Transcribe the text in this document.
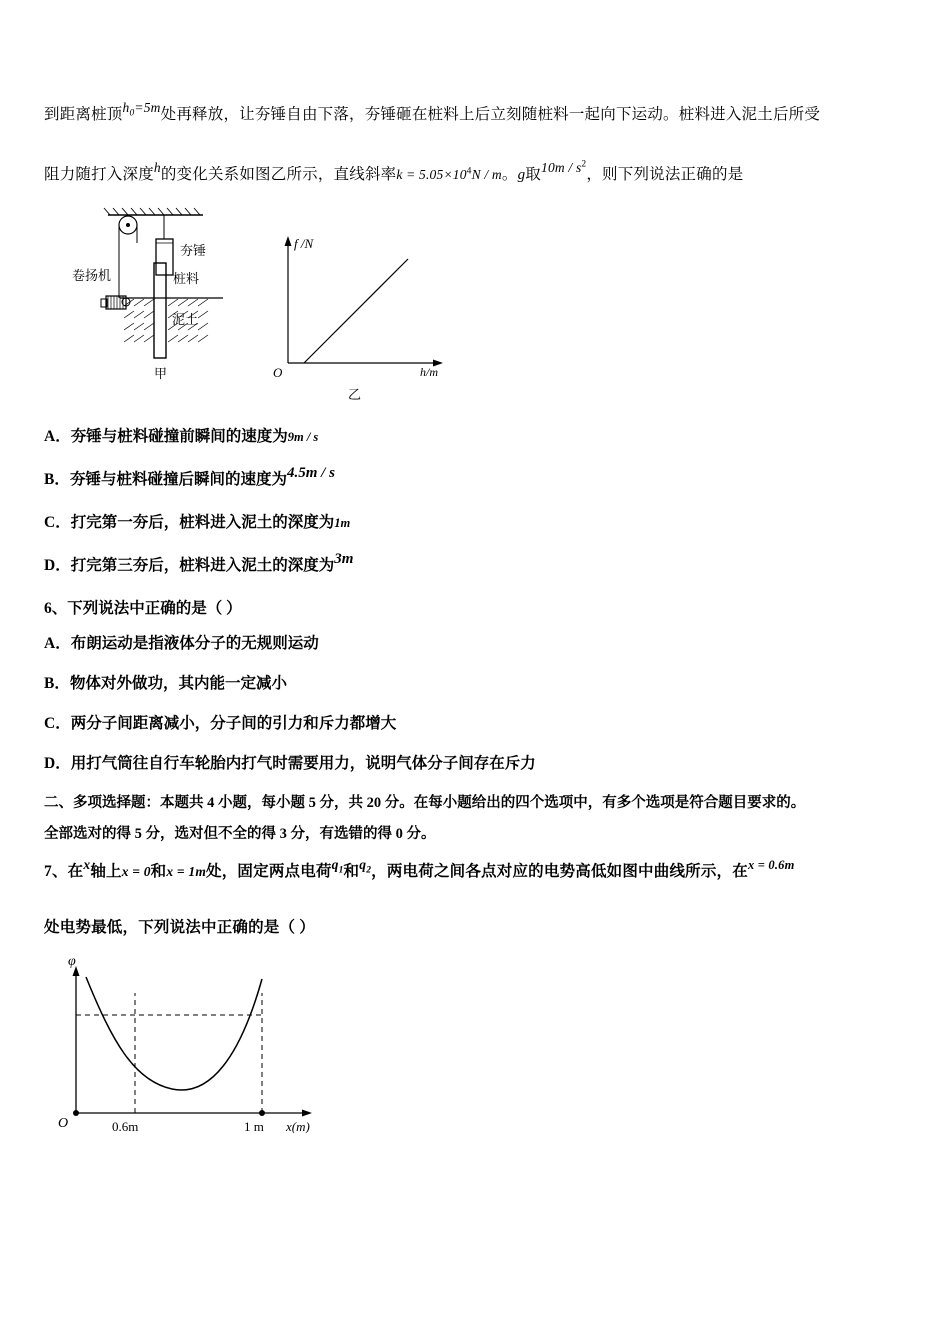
到距离桩顶$h_0=5m$处再释放，让夯锤自由下落，夯锤砸在桩料上后立刻随桩料一起向下运动。桩料进入泥土后所受

阻力随打入深度h的变化关系如图乙所示，直线斜率$k = 5.05\times 10^4N / m$。g取$10m / s^2$，则下列说法正确的是

夯锤
卷扬机	桩料
泥土
甲
f /N
O	h/m
乙

A．夯锤与桩料碰撞前瞬间的速度为9m / s

B．夯锤与桩料碰撞后瞬间的速度为4.5m / s

C．打完第一夯后，桩料进入泥土的深度为1m

D．打完第三夯后，桩料进入泥土的深度为3m

6、下列说法中正确的是（ ）

A．布朗运动是指液体分子的无规则运动

B．物体对外做功，其内能一定减小

C．两分子间距离减小，分子间的引力和斥力都增大

D．用打气筒往自行车轮胎内打气时需要用力，说明气体分子间存在斥力

二、多项选择题：本题共 4 小题，每小题 5 分，共 20 分。在每小题给出的四个选项中，有多个选项是符合题目要求的。

全部选对的得 5 分，选对但不全的得 3 分，有选错的得 0 分。

7、在x轴上x = 0和x = 1m处，固定两点电荷$q_1$和$q_2$，两电荷之间各点对应的电势高低如图中曲线所示，在$^{x = 0.6m}$

处电势最低，下列说法中正确的是（ ）

φ
O	0.6m	1 m x(m)
